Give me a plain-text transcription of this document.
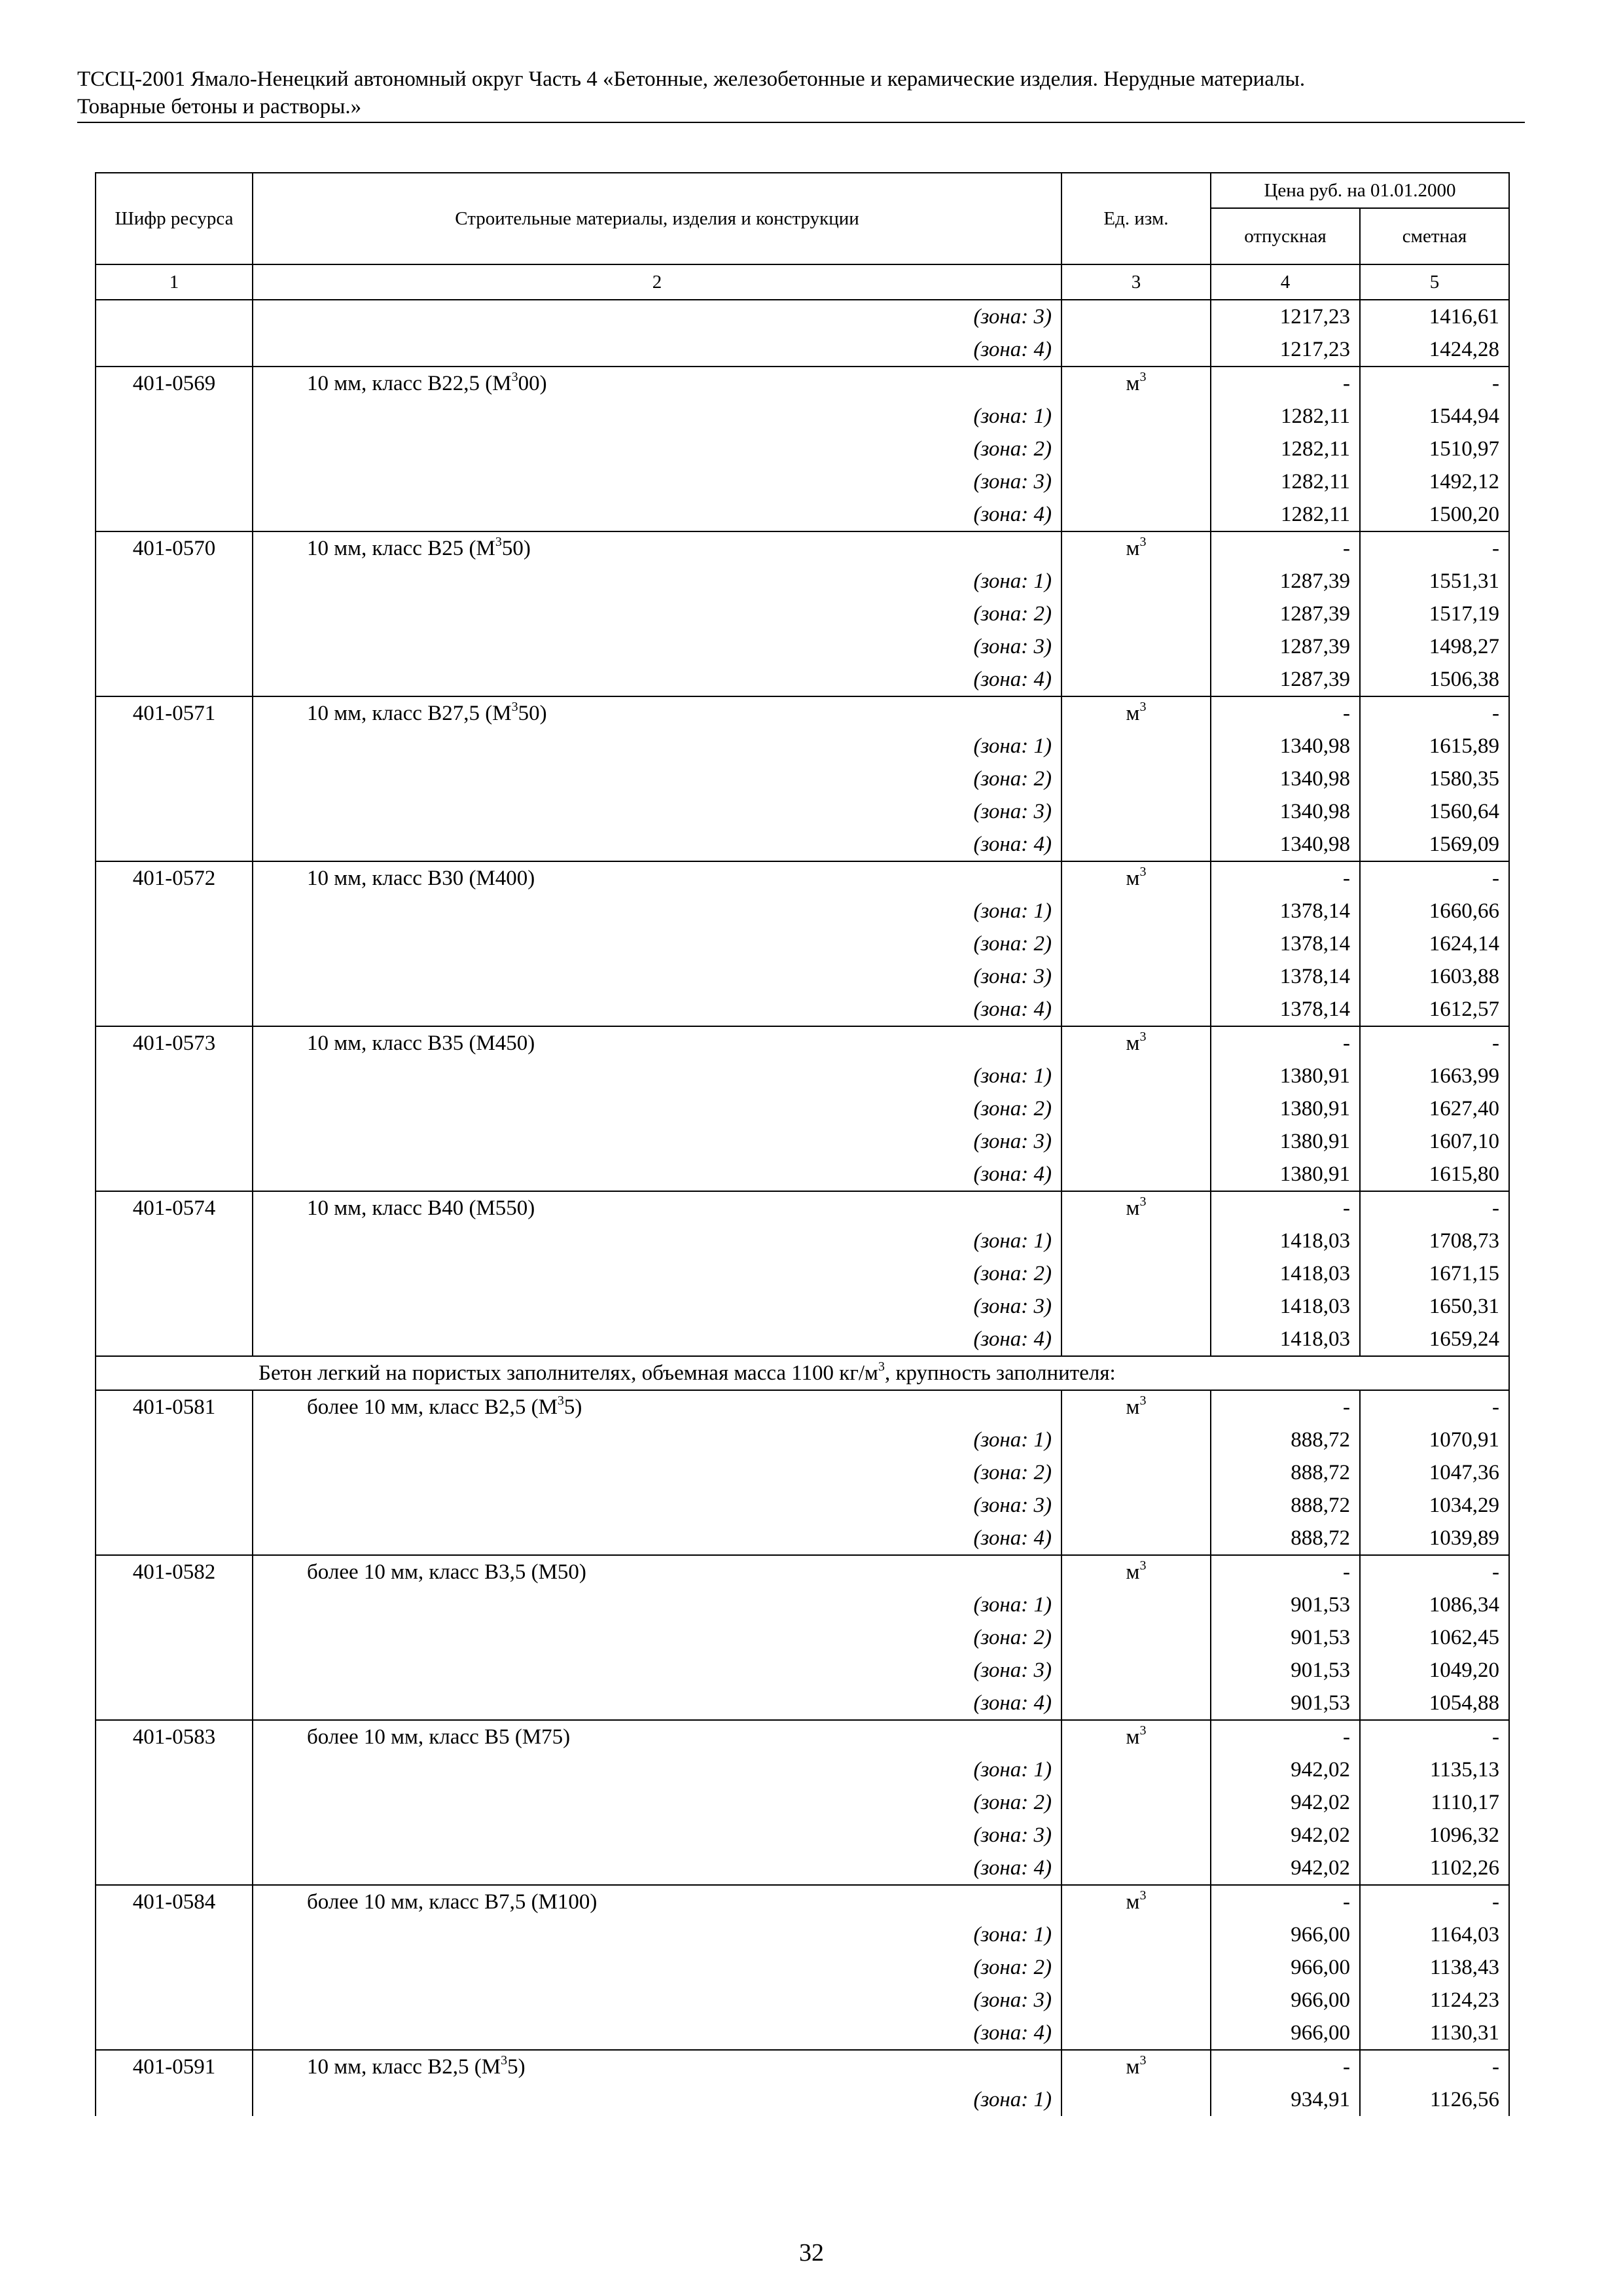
ТССЦ-2001 Ямало-Ненецкий автономный округ Часть 4 «Бетонные, железобетонные и керамические изделия. Нерудные материалы.
Товарные бетоны и растворы.»
Шифр ресурса	Строительные материалы, изделия и конструкции	Ед. изм.	Цена руб. на 01.01.2000	
			отпускная	сметная
1	2	3	4	5
	(зона: 3)		1217,23	1416,61
	(зона: 4)		1217,23	1424,28
401-0569	10 мм, класс В22,5 $(М^300)$	$м^3$	-	-
	(зона: 1)		1282,11	1544,94
	(зона: 2)		1282,11	1510,97
	(зона: 3)		1282,11	1492,12
	(зона: 4)		1282,11	1500,20
401-0570	10 мм, класс В25 $(М^350)$	$м^3$	-	-
	(зона: 1)		1287,39	1551,31
	(зона: 2)		1287,39	1517,19
	(зона: 3)		1287,39	1498,27
	(зона: 4)		1287,39	1506,38
401-0571	10 мм, класс В27,5 $(М^350)$	$м^3$	-	-
	(зона: 1)		1340,98	1615,89
	(зона: 2)		1340,98	1580,35
	(зона: 3)		1340,98	1560,64
	(зона: 4)		1340,98	1569,09
401-0572	10 мм, класс В30 (М400)	$м^3$	-	-
	(зона: 1)		1378,14	1660,66
	(зона: 2)		1378,14	1624,14
	(зона: 3)		1378,14	1603,88
	(зона: 4)		1378,14	1612,57
401-0573	10 мм, класс В35 (М450)	$м^3$	-	-
	(зона: 1)		1380,91	1663,99
	(зона: 2)		1380,91	1627,40
	(зона: 3)		1380,91	1607,10
	(зона: 4)		1380,91	1615,80
401-0574	10 мм, класс В40 (М550)	$м^3$	-	-
	(зона: 1)		1418,03	1708,73
	(зона: 2)		1418,03	1671,15
	(зона: 3)		1418,03	1650,31
	(зона: 4)		1418,03	1659,24
Бетон легкий на пористых заполнителях, объемная масса 1100 $кг/м^3$, крупность заполнителя:				
401-0581	более 10 мм, класс В2,5 $(М^35)$	$м^3$	-	-
	(зона: 1)		888,72	1070,91
	(зона: 2)		888,72	1047,36
	(зона: 3)		888,72	1034,29
	(зона: 4)		888,72	1039,89
401-0582	более 10 мм, класс В3,5 (М50)	$м^3$	-	-
	(зона: 1)		901,53	1086,34
	(зона: 2)		901,53	1062,45
	(зона: 3)		901,53	1049,20
	(зона: 4)		901,53	1054,88
401-0583	более 10 мм, класс В5 (М75)	$м^3$	-	-
	(зона: 1)		942,02	1135,13
	(зона: 2)		942,02	1110,17
	(зона: 3)		942,02	1096,32
	(зона: 4)		942,02	1102,26
401-0584	более 10 мм, класс В7,5 (М100)	$м^3$	-	-
	(зона: 1)		966,00	1164,03
	(зона: 2)		966,00	1138,43
	(зона: 3)		966,00	1124,23
	(зона: 4)		966,00	1130,31
401-0591	10 мм, класс В2,5 $(М^35)$	$м^3$	-	-
	(зона: 1)		934,91	1126,56
32
